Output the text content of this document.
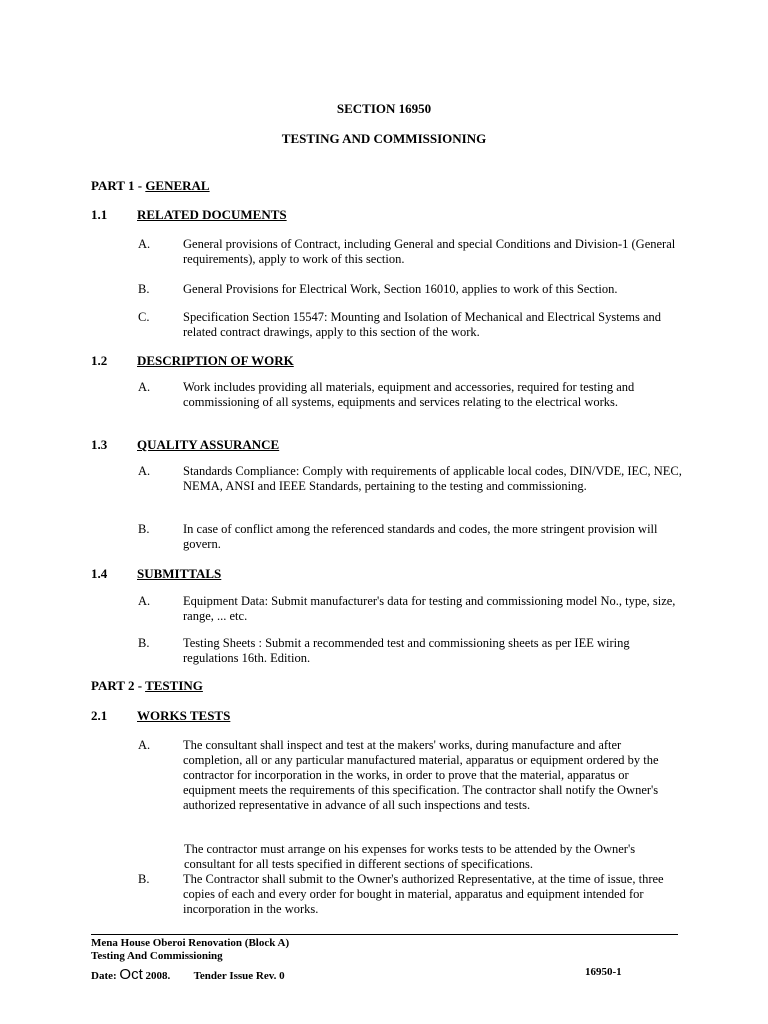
SECTION 16950
TESTING AND COMMISSIONING
PART 1 - GENERAL
1.1 RELATED DOCUMENTS
A.	General provisions of Contract, including General and special Conditions and Division-1 (General requirements), apply to work of this section.
B.	General Provisions for Electrical Work, Section 16010, applies to work of this Section.
C.	Specification Section 15547: Mounting and Isolation of Mechanical and Electrical Systems and related contract drawings, apply to this section of the work.
1.2 DESCRIPTION OF WORK
A.	Work includes providing all materials, equipment and accessories, required for testing and commissioning of all systems, equipments and services relating to the electrical works.
1.3 QUALITY ASSURANCE
A.	Standards Compliance: Comply with requirements of applicable local codes, DIN/VDE, IEC, NEC, NEMA, ANSI and IEEE Standards, pertaining to the testing and commissioning.
B.	In case of conflict among the referenced standards and codes, the more stringent provision will govern.
1.4 SUBMITTALS
A.	Equipment Data: Submit manufacturer's data for testing and commissioning model No., type, size, range, ... etc.
B.	Testing Sheets : Submit a recommended test and commissioning sheets as per IEE wiring regulations 16th. Edition.
PART 2 - TESTING
2.1 WORKS TESTS
A.	The consultant shall inspect and test at the makers' works, during manufacture and after completion, all or any particular manufactured material, apparatus or equipment ordered by the contractor for incorporation in the works, in order to prove that the material, apparatus or equipment meets the requirements of this specification. The contractor shall notify the Owner's authorized representative in advance of all such inspections and tests.
The contractor must arrange on his expenses for works tests to be attended by the Owner's consultant for all tests specified in different sections of specifications.
B.	The Contractor shall submit to the Owner's authorized Representative, at the time of issue, three copies of each and every order for bought in material, apparatus and equipment intended for incorporation in the works.
Mena House Oberoi Renovation (Block A)
Testing And Commissioning
Date: Oct 2008. Tender Issue Rev. 0	16950-1
